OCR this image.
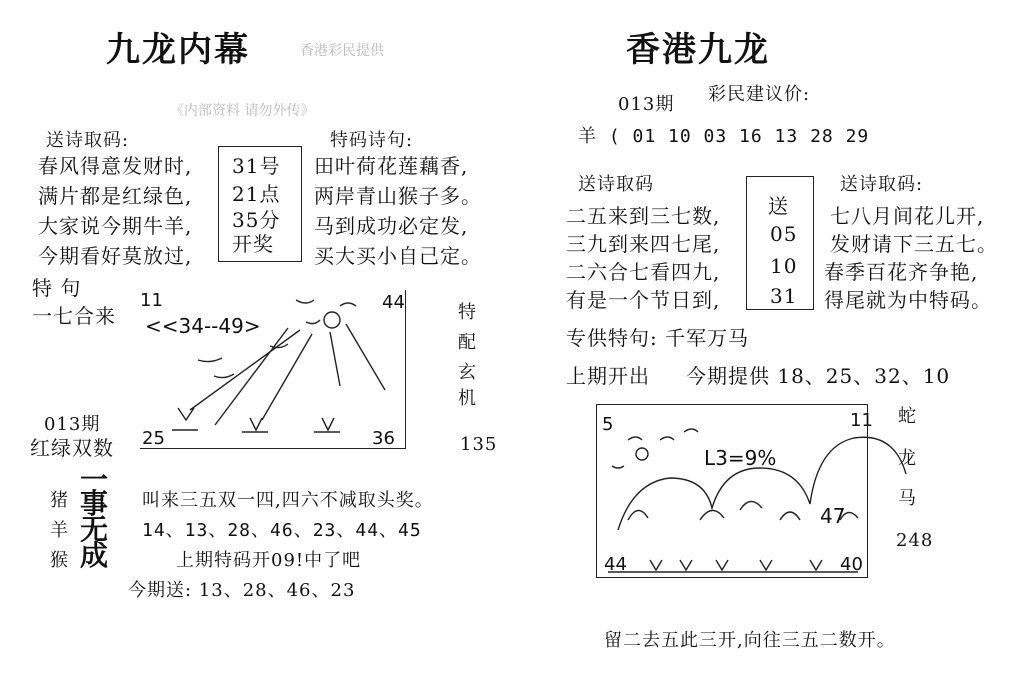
九龙内幕	香港彩民提供
《内部资料 请勿外传》
送诗取码:
春风得意发财时,
满片都是红绿色,
大家说今期牛羊,
今期看好莫放过,
31号
21点
35分
开奖
特码诗句:
田叶荷花莲藕香,
两岸青山猴子多。
马到成功必定发,
买大买小自己定。
特 句
一七合来
11	44
<<34--49>
25	36
特
配
玄
机
013期
红绿双数	135
猪
羊
猴
一
事
无
成
叫来三五双一四,四六不减取头奖。
14、13、28、46、23、44、45
上期特码开09!中了吧
今期送: 13、28、46、23
香港九龙
013期 彩民建议价:
羊 ( 01 10 03 16 13 28 29
送诗取码
二五来到三七数,
三九到来四七尾,
二六合七看四九,
有是一个节日到,
送
05
10
31
送诗取码:
七八月间花儿开,
发财请下三五七。
春季百花齐争艳,
得尾就为中特码。
专供特句: 千军万马
上期开出 今期提供 18、25、32、10
5	11
L3=9%
47
44	40
蛇
龙
马
248
留二去五此三开,向往三五二数开。
